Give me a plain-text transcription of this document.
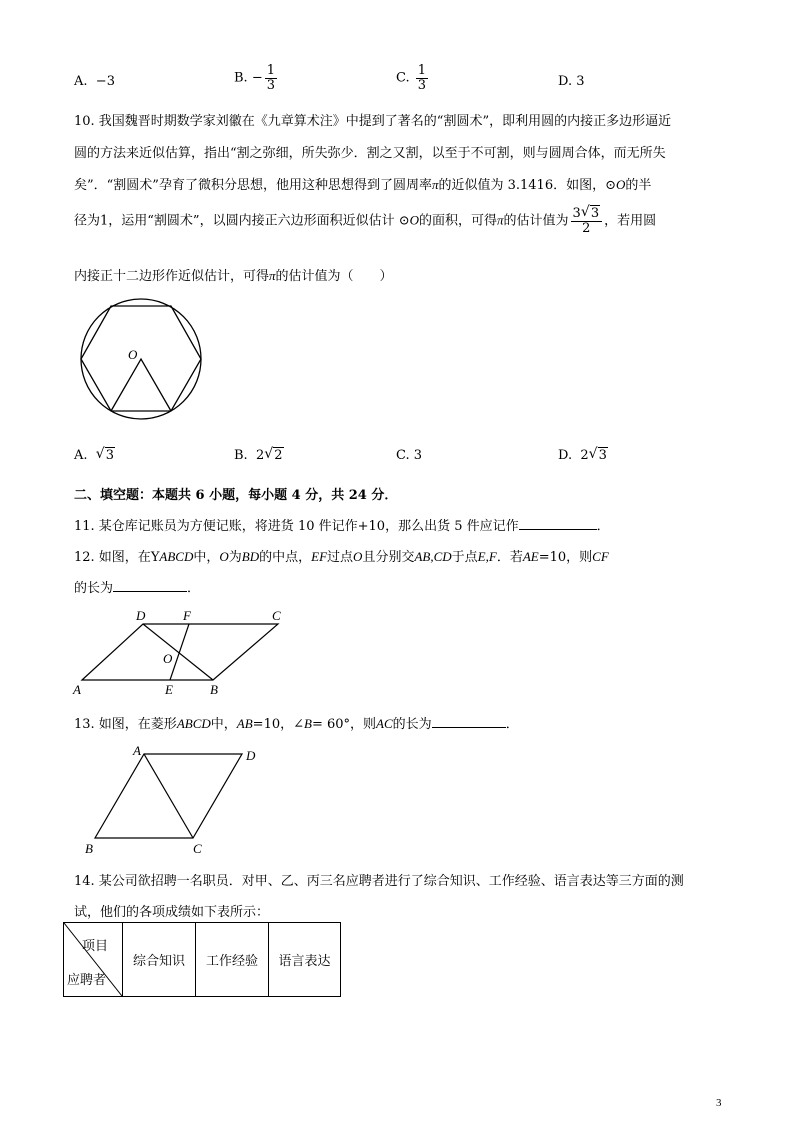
A. −3	B. − $\frac{1}{3}$	C. $\frac{1}{3}$	D. 3
10. 我国魏晋时期数学家刘徽在《九章算术注》中提到了著名的“割圆术”，即利用圆的内接正多边形逼近
圆的方法来近似估算，指出“割之弥细，所失弥少．割之又割，以至于不可割，则与圆周合体，而无所失
矣”．“割圆术”孕育了微积分思想，他用这种思想得到了圆周率π的近似值为 3.1416．如图，⊙O的半
径为1，运用“割圆术”，以圆内接正六边形面积近似估计 ⊙O的面积，可得π的估计值为 $\frac{3 √ 3}{2}$ ，若用圆
内接正十二边形作近似估计，可得π的估计值为（　　）
O
A. √ 3	B. 2 √ 2	C. 3	D. 2 √ 3
二、填空题：本题共 6 小题，每小题 4 分，共 24 分．
11. 某仓库记账员为方便记账，将进货 10 件记作+10，那么出货 5 件应记作	．
12. 如图，在YABCD中，O为BD的中点，EF过点O且分别交AB,CD于点E,F．若AE=10，则CF
的长为	．
D	F	C
O
A	E	B
13. 如图，在菱形ABCD中，AB=10，∠B= 60°，则AC的长为	．
A	D
B	C
14. 某公司欲招聘一名职员．对甲、乙、丙三名应聘者进行了综合知识、工作经验、语言表达等三方面的测
试，他们的各项成绩如下表所示：
项目
应聘者
	综合知识	工作经验	语言表达
3
